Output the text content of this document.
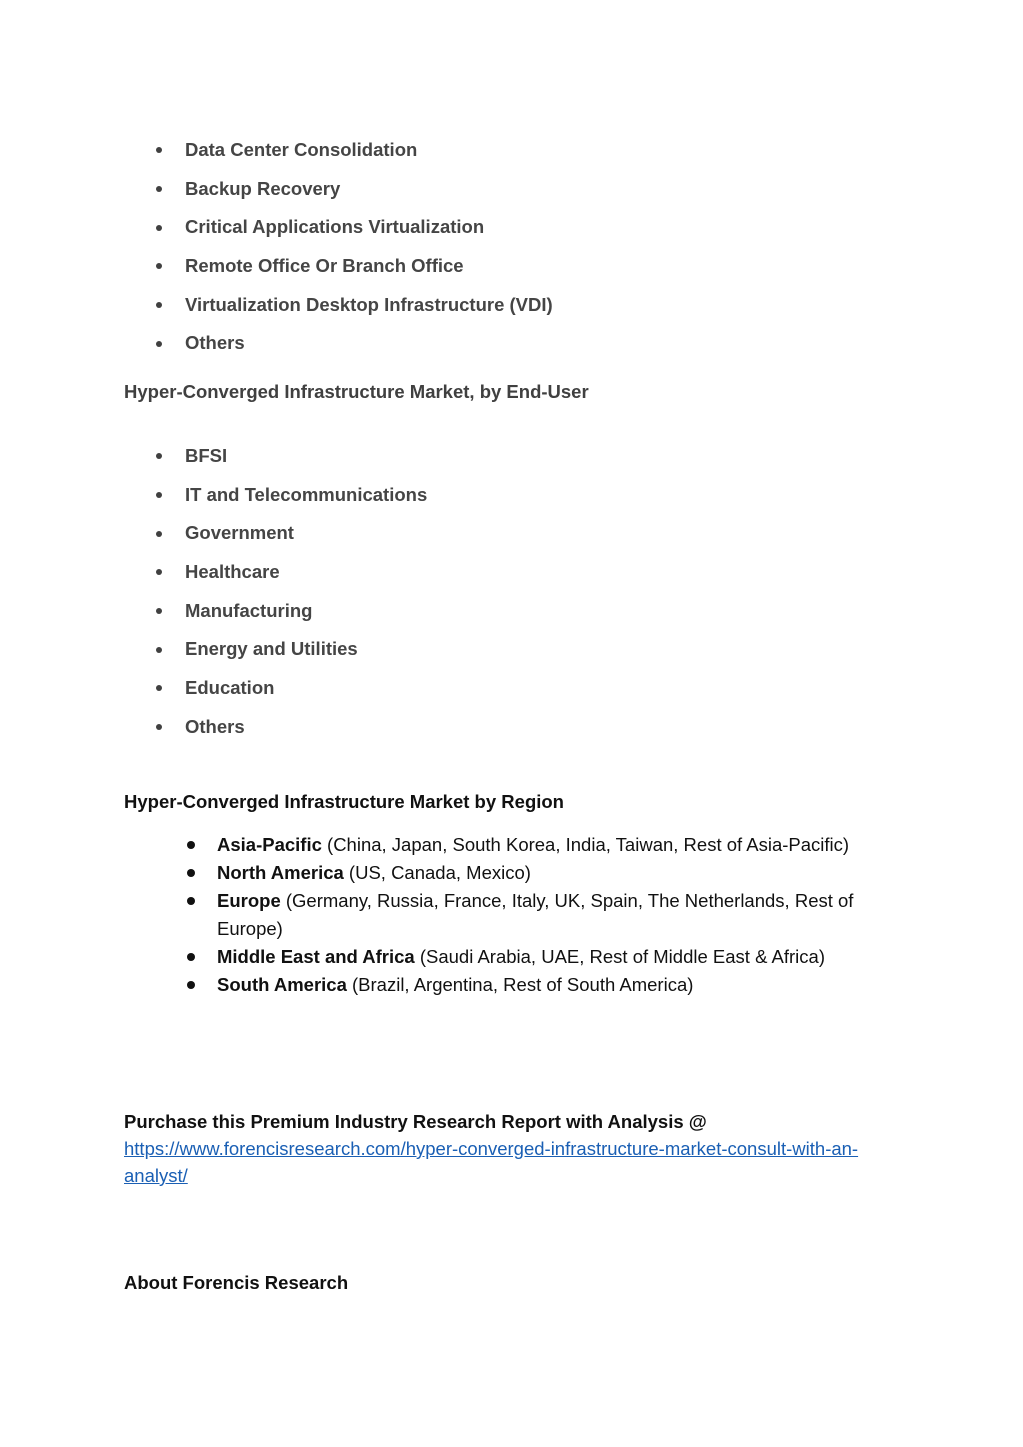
Data Center Consolidation
Backup Recovery
Critical Applications Virtualization
Remote Office Or Branch Office
Virtualization Desktop Infrastructure (VDI)
Others
Hyper-Converged Infrastructure Market, by End-User
BFSI
IT and Telecommunications
Government
Healthcare
Manufacturing
Energy and Utilities
Education
Others
Hyper-Converged Infrastructure Market by Region
Asia-Pacific (China, Japan, South Korea, India, Taiwan, Rest of Asia-Pacific)
North America (US, Canada, Mexico)
Europe (Germany, Russia, France, Italy, UK, Spain, The Netherlands, Rest of Europe)
Middle East and Africa (Saudi Arabia, UAE, Rest of Middle East & Africa)
South America (Brazil, Argentina, Rest of South America)
Purchase this Premium Industry Research Report with Analysis @
https://www.forencisresearch.com/hyper-converged-infrastructure-market-consult-with-an-analyst/
About Forencis Research
